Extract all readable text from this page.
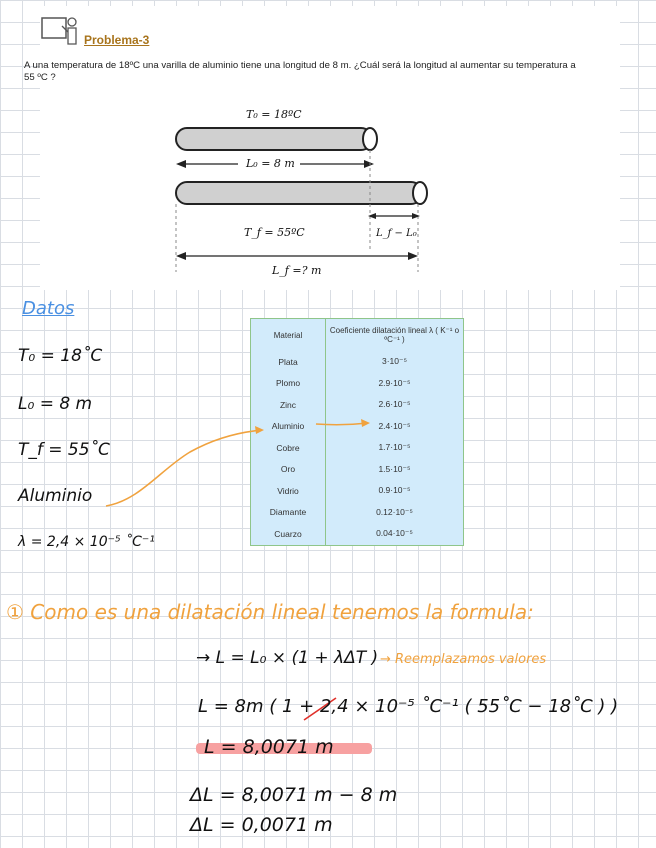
Problema-3
A una temperatura de 18ºC una varilla de aluminio tiene una longitud de 8 m. ¿Cuál será la longitud al aumentar su temperatura a 55 ºC ?
T₀ = 18ºC
L₀ = 8 m
T_f = 55ºC	L_f − L₀
L_f =? m
Datos
T₀ = 18˚C
L₀ = 8 m
T_f = 55˚C
Aluminio
λ = 2,4 × 10⁻⁵ ˚C⁻¹
Material	Coeficiente dilatación lineal λ ( K⁻¹ o ºC⁻¹ )
Plata	3·10⁻⁵
Plomo	2.9·10⁻⁵
Zinc	2.6·10⁻⁵
Aluminio	2.4·10⁻⁵
Cobre	1.7·10⁻⁵
Oro	1.5·10⁻⁵
Vidrio	0.9·10⁻⁵
Diamante	0.12·10⁻⁵
Cuarzo	0.04·10⁻⁵
① Como es una dilatación lineal tenemos la formula:
→ L = L₀ × (1 + λΔT ) → Reemplazamos valores
L = 8m ( 1 + 2,4 × 10⁻⁵ ˚C⁻¹ ( 55˚C − 18˚C ) )
L = 8,0071 m
ΔL = 8,0071 m − 8 m
ΔL = 0,0071 m
